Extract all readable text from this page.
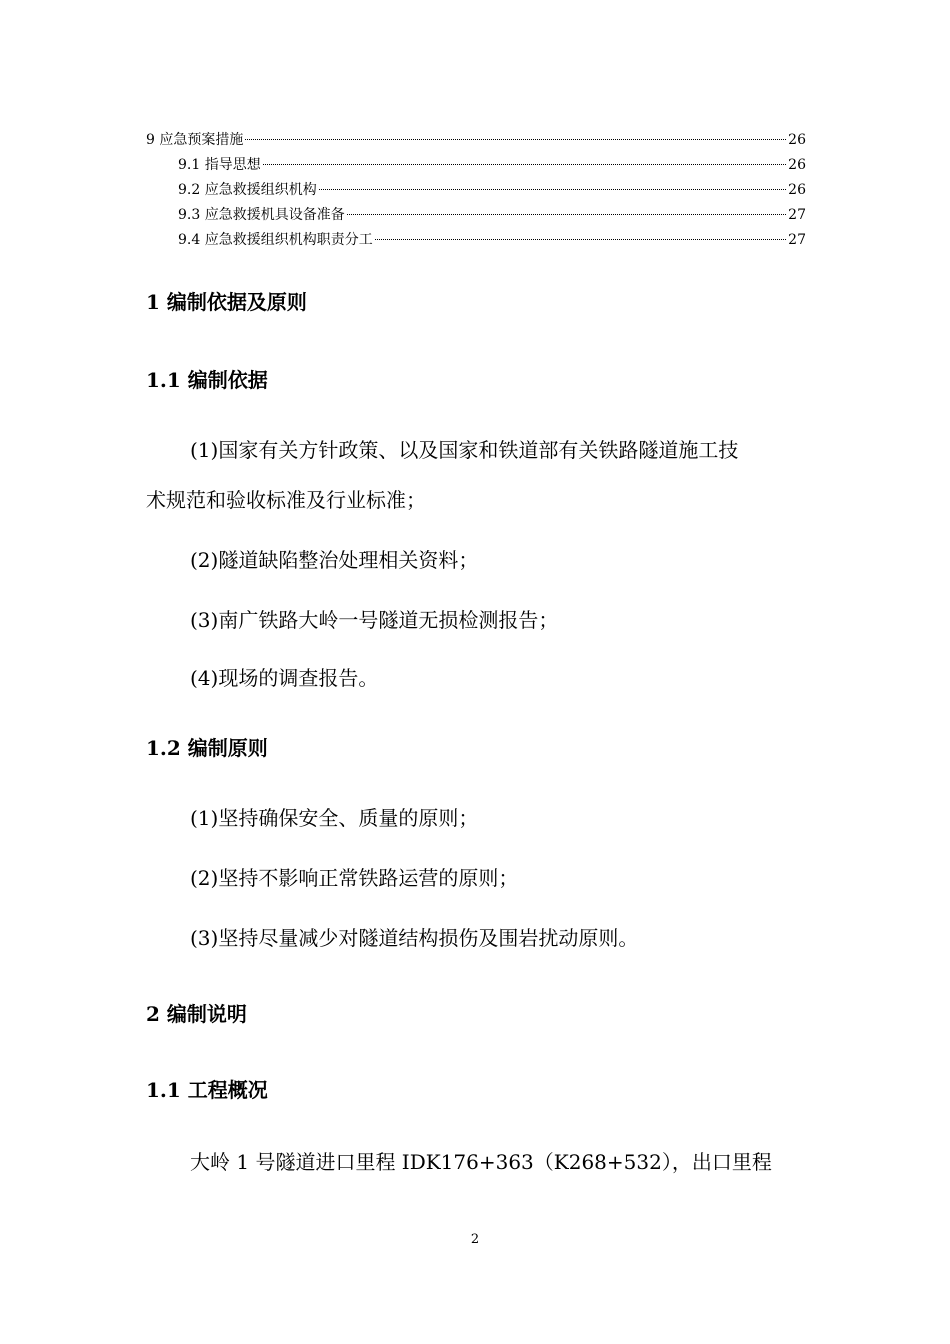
9 应急预案措施	26
9.1 指导思想	26
9.2 应急救援组织机构	26
9.3 应急救援机具设备准备	27
9.4 应急救援组织机构职责分工	27
1 编制依据及原则
1.1 编制依据
(1)国家有关方针政策、以及国家和铁道部有关铁路隧道施工技
术规范和验收标准及行业标准；
(2)隧道缺陷整治处理相关资料；
(3)南广铁路大岭一号隧道无损检测报告；
(4)现场的调查报告。
1.2 编制原则
(1)坚持确保安全、质量的原则；
(2)坚持不影响正常铁路运营的原则；
(3)坚持尽量减少对隧道结构损伤及围岩扰动原则。
2 编制说明
1.1 工程概况
大岭 1 号隧道进口里程 IDK176+363（K268+532），出口里程
2
